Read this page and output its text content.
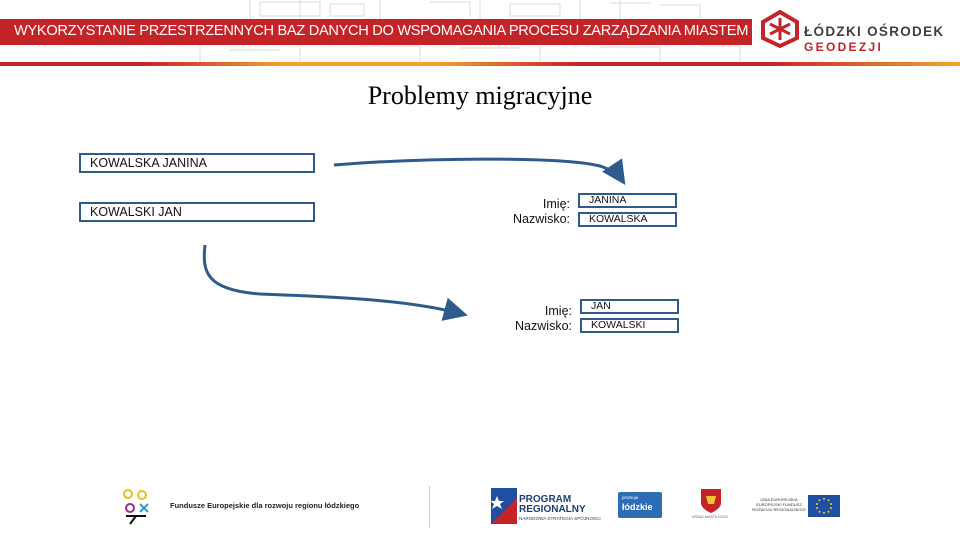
WYKORZYSTANIE PRZESTRZENNYCH BAZ DANYCH DO WSPOMAGANIA PROCESU ZARZĄDZANIA MIASTEM	ŁÓDZKI OŚRODEK
GEODEZJI
Problemy migracyjne
KOWALSKA JANINA
KOWALSKI JAN
Imię:
Nazwisko:
JANINA
KOWALSKA
Imię:
Nazwisko:
JAN
KOWALSKI
Fundusze Europejskie dla rozwoju regionu łódzkiego
PROGRAM
REGIONALNY
NARODOWA STRATEGIA SPÓJNOŚCI
promuje
łódzkie
URZĄD MIASTA ŁODZI
UNIA EUROPEJSKA EUROPEJSKI FUNDUSZ ROZWOJU REGIONALNEGO
